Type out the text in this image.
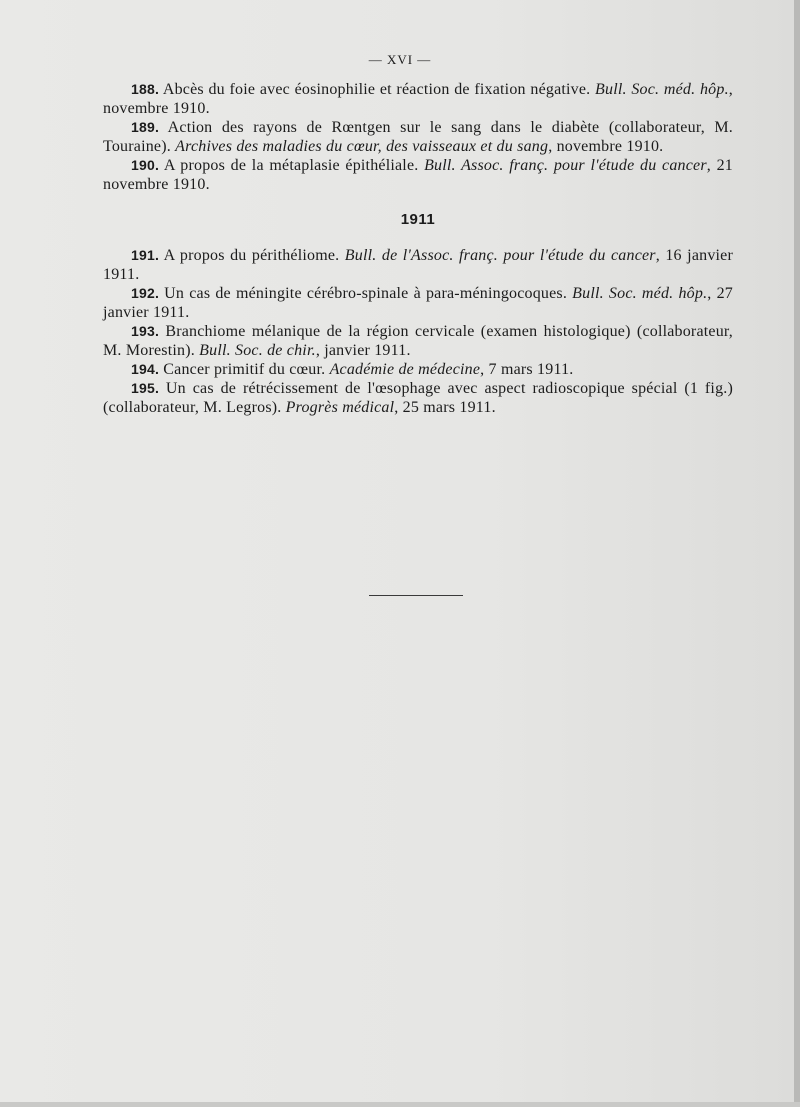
— XVI —

188. Abcès du foie avec éosinophilie et réaction de fixation négative. Bull. Soc. méd. hôp., novembre 1910.

189. Action des rayons de Rœntgen sur le sang dans le diabète (collaborateur, M. Touraine). Archives des maladies du cœur, des vaisseaux et du sang, novembre 1910.

190. A propos de la métaplasie épithéliale. Bull. Assoc. franç. pour l'étude du cancer, 21 novembre 1910.

1911

191. A propos du périthéliome. Bull. de l'Assoc. franç. pour l'étude du cancer, 16 janvier 1911.

192. Un cas de méningite cérébro-spinale à para-méningocoques. Bull. Soc. méd. hôp., 27 janvier 1911.

193. Branchiome mélanique de la région cervicale (examen histologique) (collaborateur, M. Morestin). Bull. Soc. de chir., janvier 1911.

194. Cancer primitif du cœur. Académie de médecine, 7 mars 1911.

195. Un cas de rétrécissement de l'œsophage avec aspect radioscopique spécial (1 fig.) (collaborateur, M. Legros). Progrès médical, 25 mars 1911.
